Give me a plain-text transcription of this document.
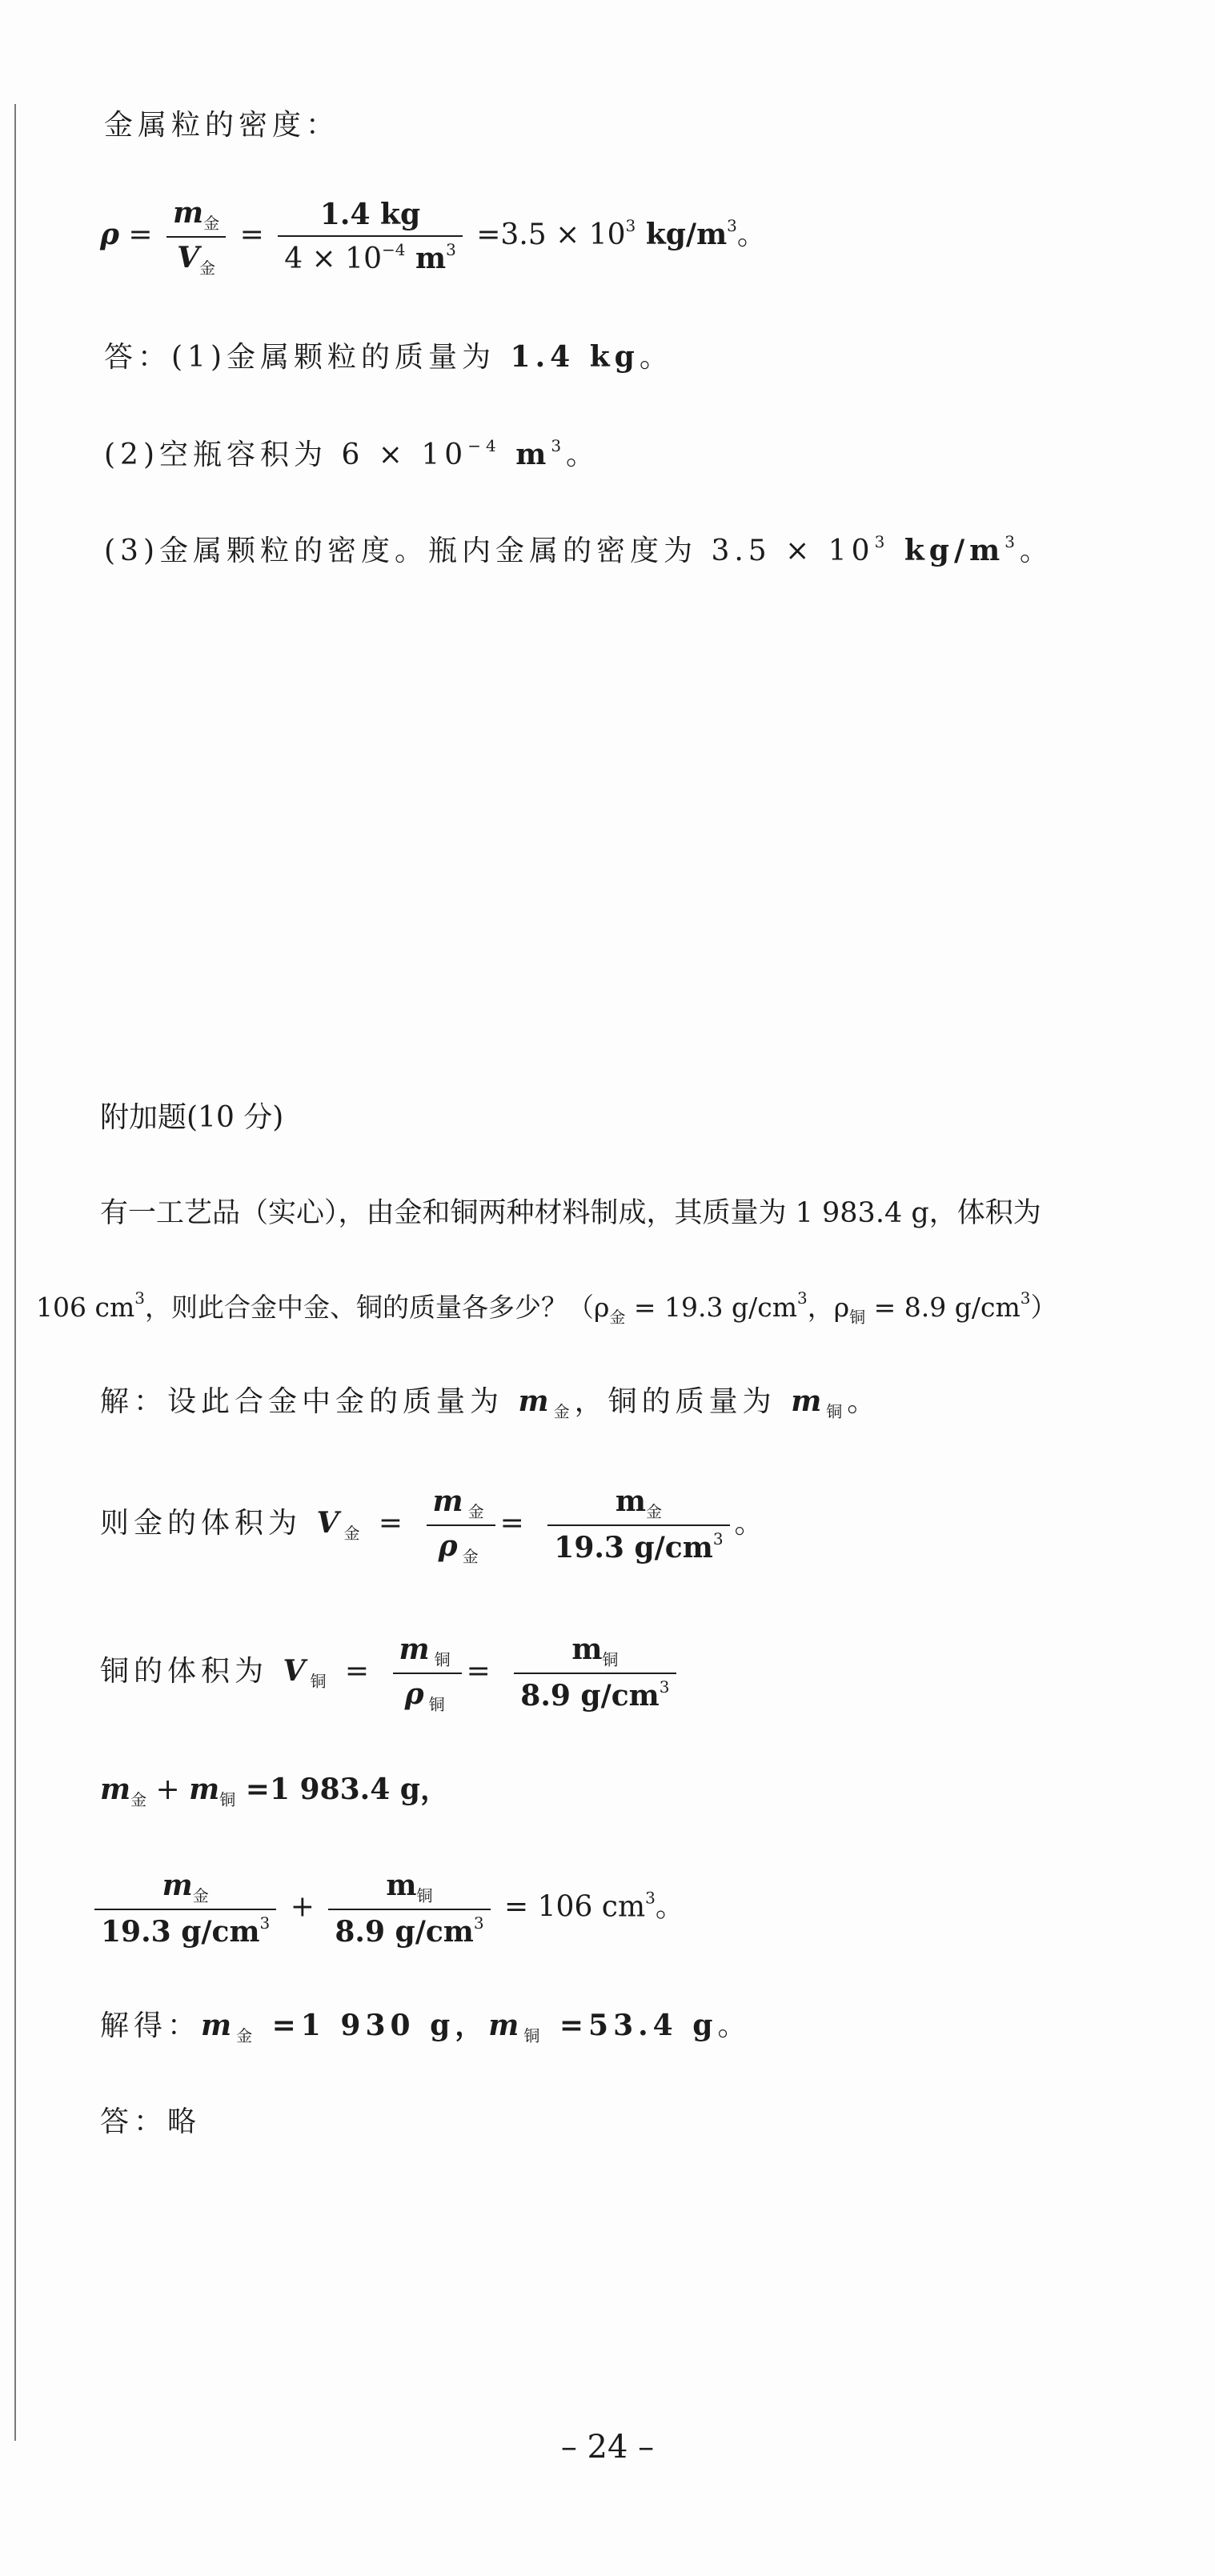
金属粒的密度：
$\rho = \frac{m_金}{V_金} = \frac{1.4 kg}{4 \times 10^{-4} m^3} =3.5 \times 10^3$ $kg/m^3$。
答：(1)金属颗粒的质量为 1.4 kg。
(2)空瓶容积为 $6 \times 10^{-4}$ $m^3$。
(3)金属颗粒的密度。瓶内金属的密度为 $3.5 \times 10^3$ $kg/m^3$。
附加题(10 分)
有一工艺品（实心），由金和铜两种材料制成，其质量为 1 983.4 g，体积为
106 $cm^3$，则此合金中金、铜的质量各多少？（$\rho_金 = 19.3$ $g/cm^3$，$\rho_铜 = 8.9$ $g/cm^3$）
解：设此合金中金的质量为 $m_金$，铜的质量为 $m_铜$。
则金的体积为 $V_金 = \frac{m_金}{\rho_金} = \frac{m_金}{19.3 g/cm^3}$ 。
铜的体积为 $V_铜 = \frac{m_铜}{\rho_铜} = \frac{m_铜}{8.9 g/cm^3}$
$m_金 + m_铜 =1$ 983.4 g，
$\frac{m_金}{19.3 g/cm^3} + \frac{m_铜}{8.9 g/cm^3} = 106$ $cm^3$。
解得：$m_金 =1$ 930 g，$m_铜 =53.4$ g。
答：略
– 24 –
